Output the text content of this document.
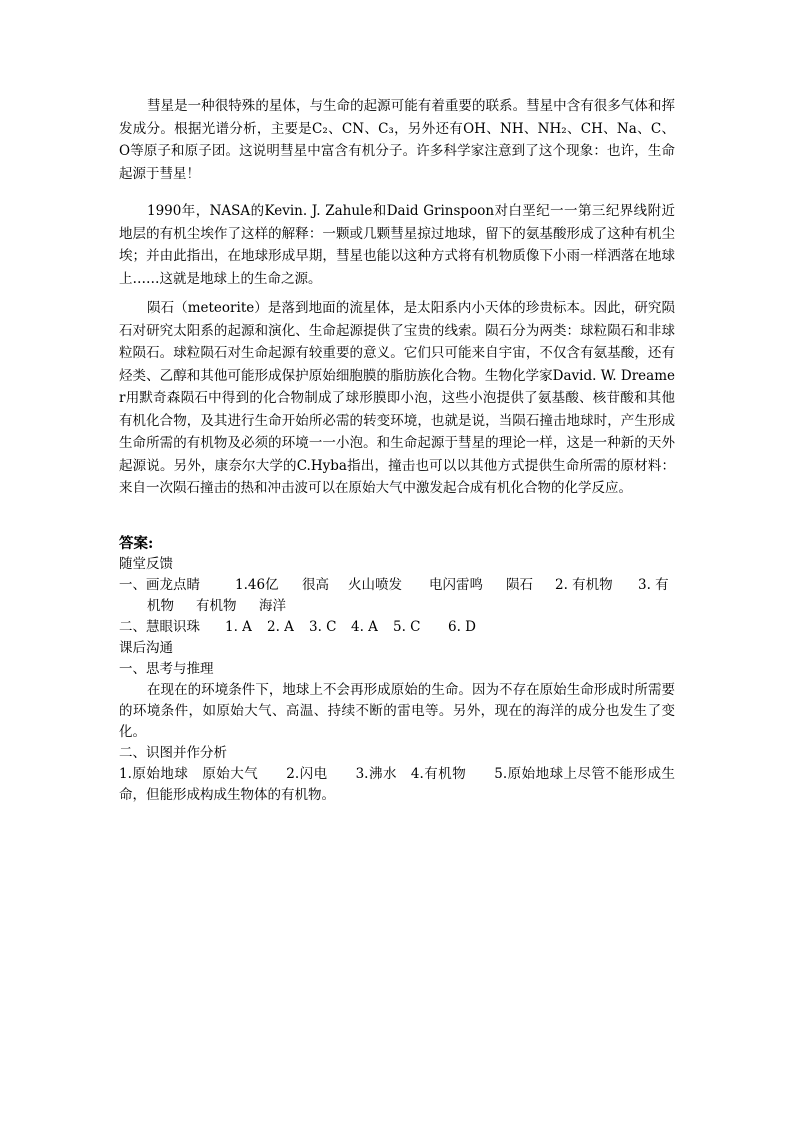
彗星是一种很特殊的星体，与生命的起源可能有着重要的联系。彗星中含有很多气体和挥发成分。根据光谱分析，主要是C₂、CN、C₃，另外还有OH、NH、NH₂、CH、Na、C、O等原子和原子团。这说明彗星中富含有机分子。许多科学家注意到了这个现象：也许，生命起源于彗星！

1990年，NASA的Kevin. J. Zahule和Daid Grinspoon对白垩纪一一第三纪界线附近地层的有机尘埃作了这样的解释：一颗或几颗彗星掠过地球，留下的氨基酸形成了这种有机尘埃；并由此指出，在地球形成早期，彗星也能以这种方式将有机物质像下小雨一样洒落在地球上……这就是地球上的生命之源。

陨石（meteorite）是落到地面的流星体，是太阳系内小天体的珍贵标本。因此，研究陨石对研究太阳系的起源和演化、生命起源提供了宝贵的线索。陨石分为两类：球粒陨石和非球粒陨石。球粒陨石对生命起源有较重要的意义。它们只可能来自宇宙，不仅含有氨基酸，还有烃类、乙醇和其他可能形成保护原始细胞膜的脂肪族化合物。生物化学家David. W. Dreamer用默奇森陨石中得到的化合物制成了球形膜即小泡，这些小泡提供了氨基酸、核苷酸和其他有机化合物，及其进行生命开始所必需的转变环境，也就是说，当陨石撞击地球时，产生形成生命所需的有机物及必须的环境一一小泡。和生命起源于彗星的理论一样，这是一种新的天外起源说。另外，康奈尔大学的C.Hyba指出，撞击也可以以其他方式提供生命所需的原材料：来自一次陨石撞击的热和冲击波可以在原始大气中激发起合成有机化合物的化学反应。

答案:
随堂反馈
一、画龙点睛	1.46亿 很高 火山喷发 电闪雷鸣 陨石 2. 有机物 3. 有
机物 有机物 海洋
二、慧眼识珠 1. A 2. A 3. C 4. A 5. C 6. D
课后沟通
一、思考与推理
在现在的环境条件下，地球上不会再形成原始的生命。因为不存在原始生命形成时所需要的环境条件，如原始大气、高温、持续不断的雷电等。另外，现在的海洋的成分也发生了变化。
二、识图并作分析
1.原始地球　原始大气　　2.闪电　　3.沸水　4.有机物　　5.原始地球上尽管不能形成生命，但能形成构成生物体的有机物。
